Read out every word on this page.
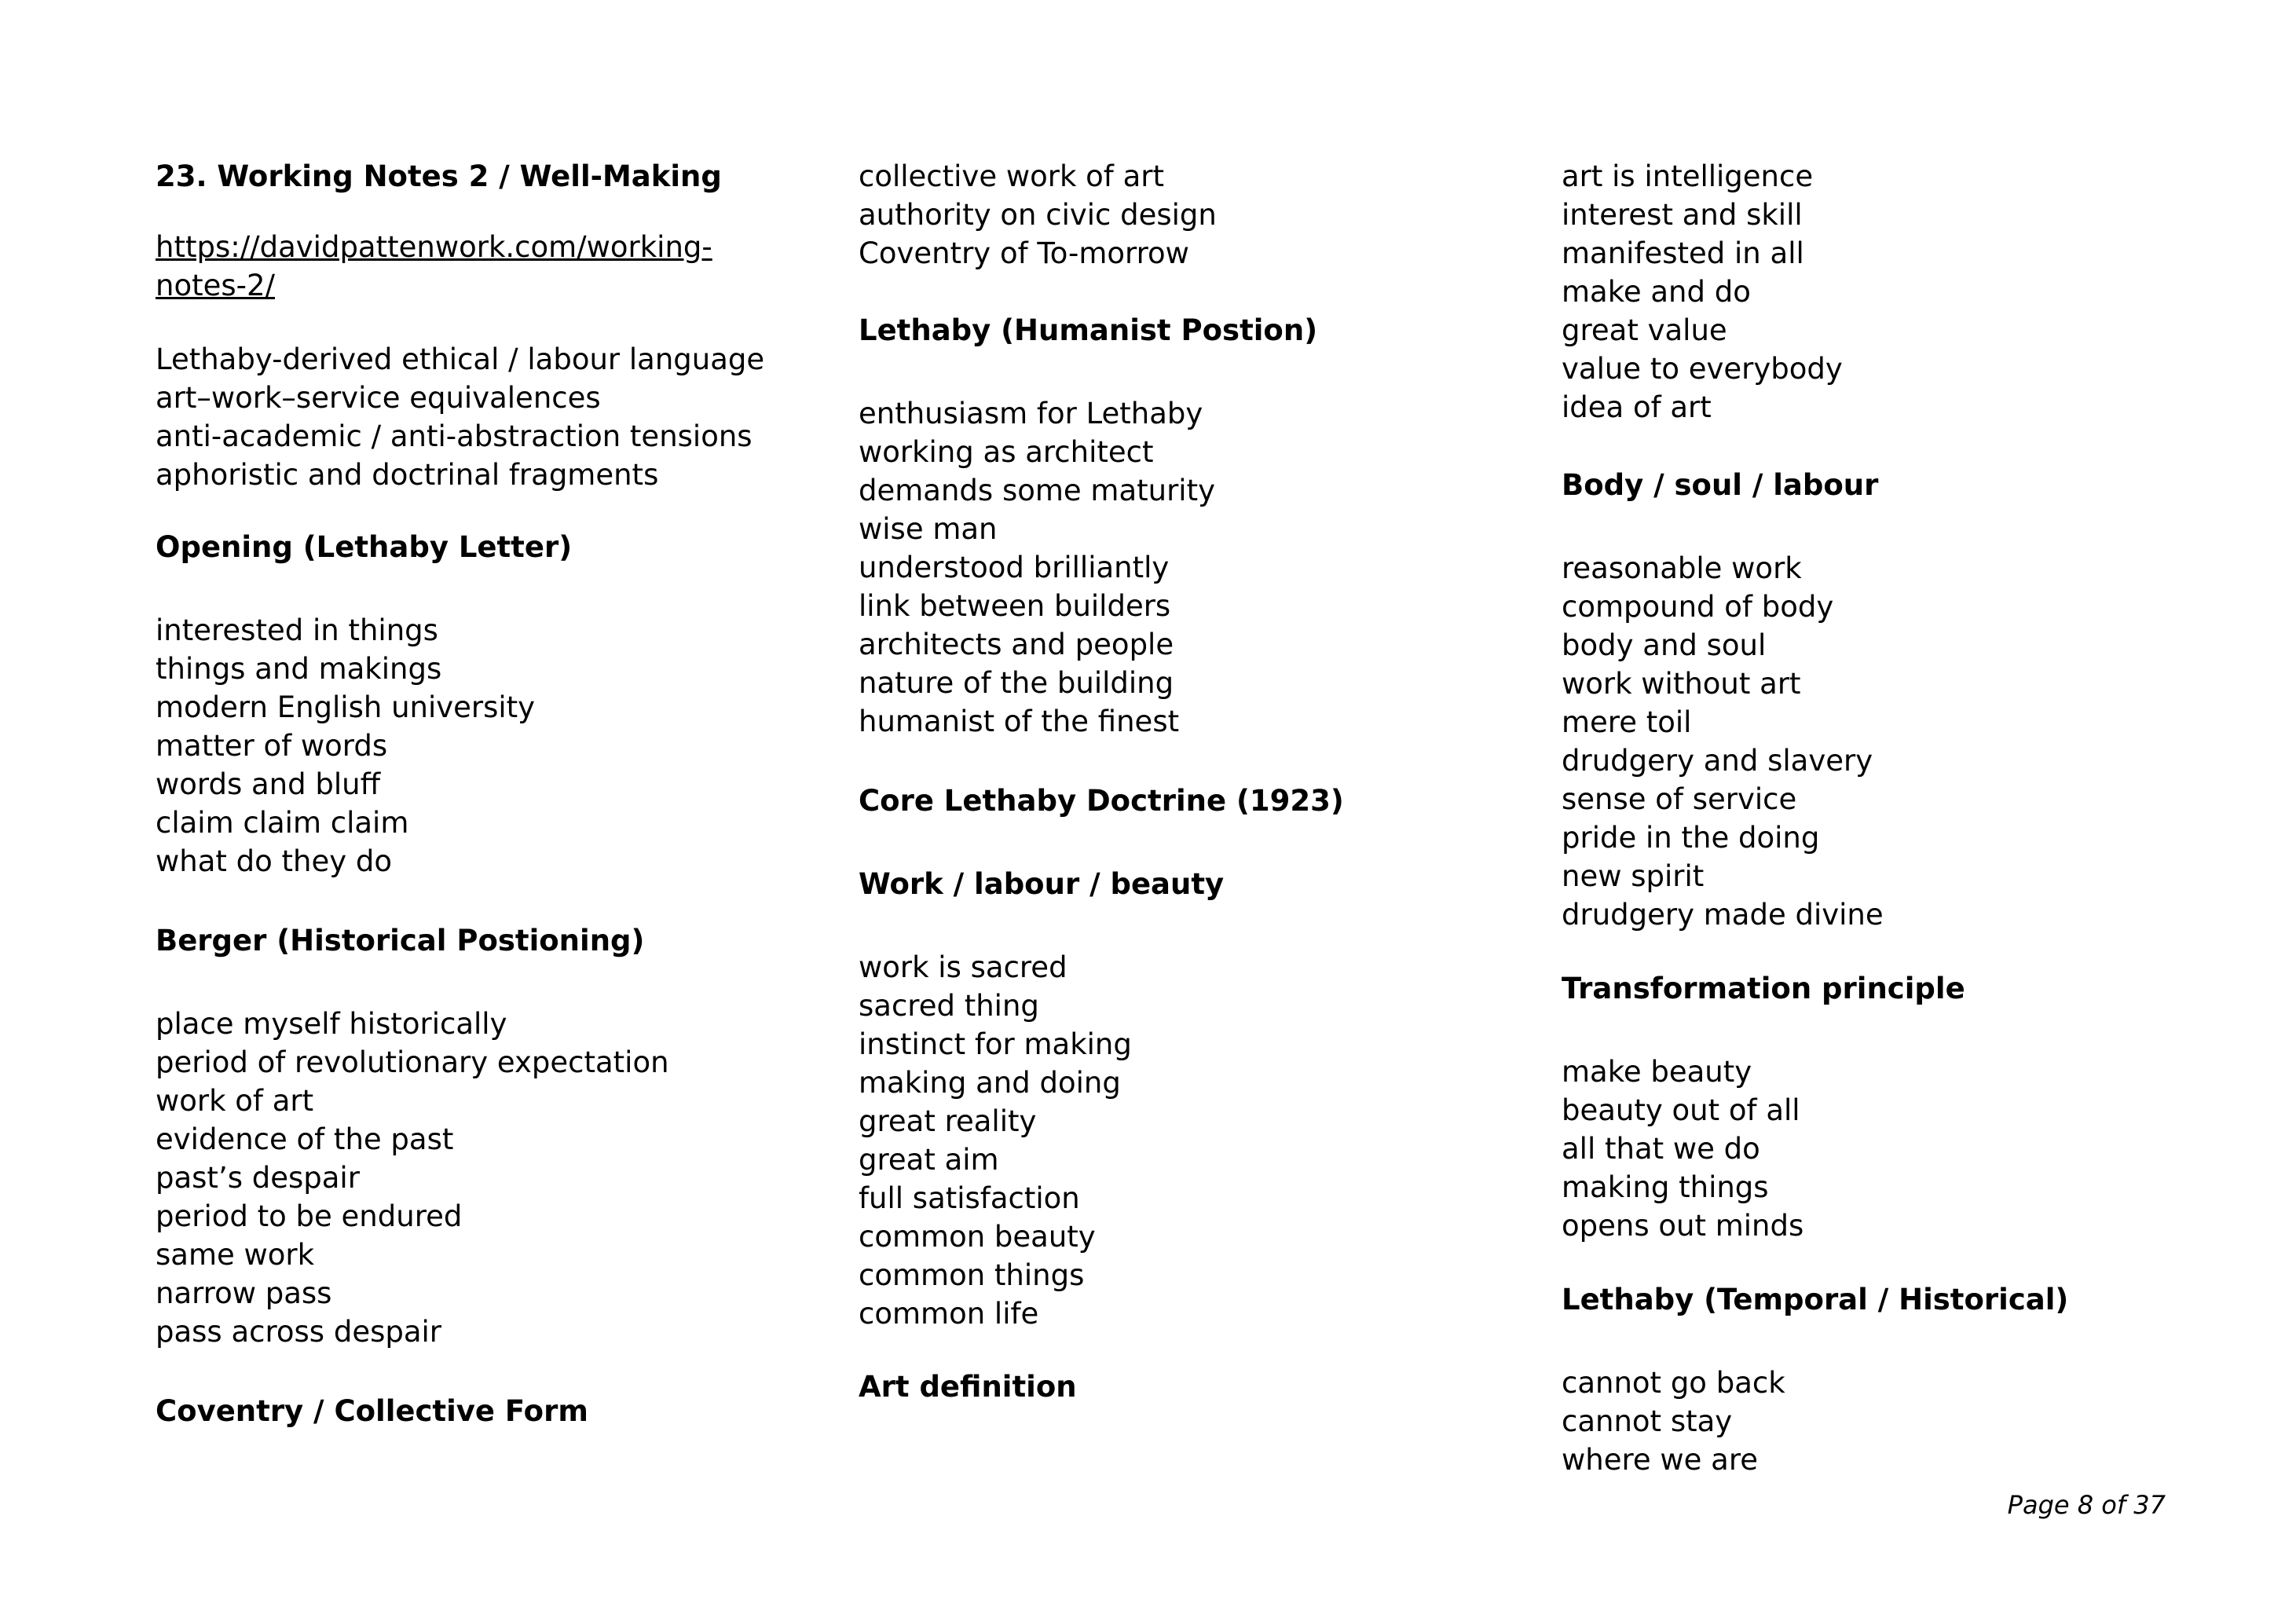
23. Working Notes 2 / Well-Making
https://davidpattenwork.com/working-
notes-2/
Lethaby-derived ethical / labour language
art–work–service equivalences
anti-academic / anti-abstraction tensions
aphoristic and doctrinal fragments
Opening (Lethaby Letter)
interested in things
things and makings
modern English university
matter of words
words and bluff
claim claim claim
what do they do
Berger (Historical Postioning)
place myself historically
period of revolutionary expectation
work of art
evidence of the past
past’s despair
period to be endured
same work
narrow pass
pass across despair
Coventry / Collective Form
collective work of art
authority on civic design
Coventry of To-morrow
Lethaby (Humanist Postion)
enthusiasm for Lethaby
working as architect
demands some maturity
wise man
understood brilliantly
link between builders
architects and people
nature of the building
humanist of the finest
Core Lethaby Doctrine (1923)
Work / labour / beauty
work is sacred
sacred thing
instinct for making
making and doing
great reality
great aim
full satisfaction
common beauty
common things
common life
Art definition
art is intelligence
interest and skill
manifested in all
make and do
great value
value to everybody
idea of art
Body / soul / labour
reasonable work
compound of body
body and soul
work without art
mere toil
drudgery and slavery
sense of service
pride in the doing
new spirit
drudgery made divine
Transformation principle
make beauty
beauty out of all
all that we do
making things
opens out minds
Lethaby (Temporal / Historical)
cannot go back
cannot stay
where we are
Page 8 of 37
